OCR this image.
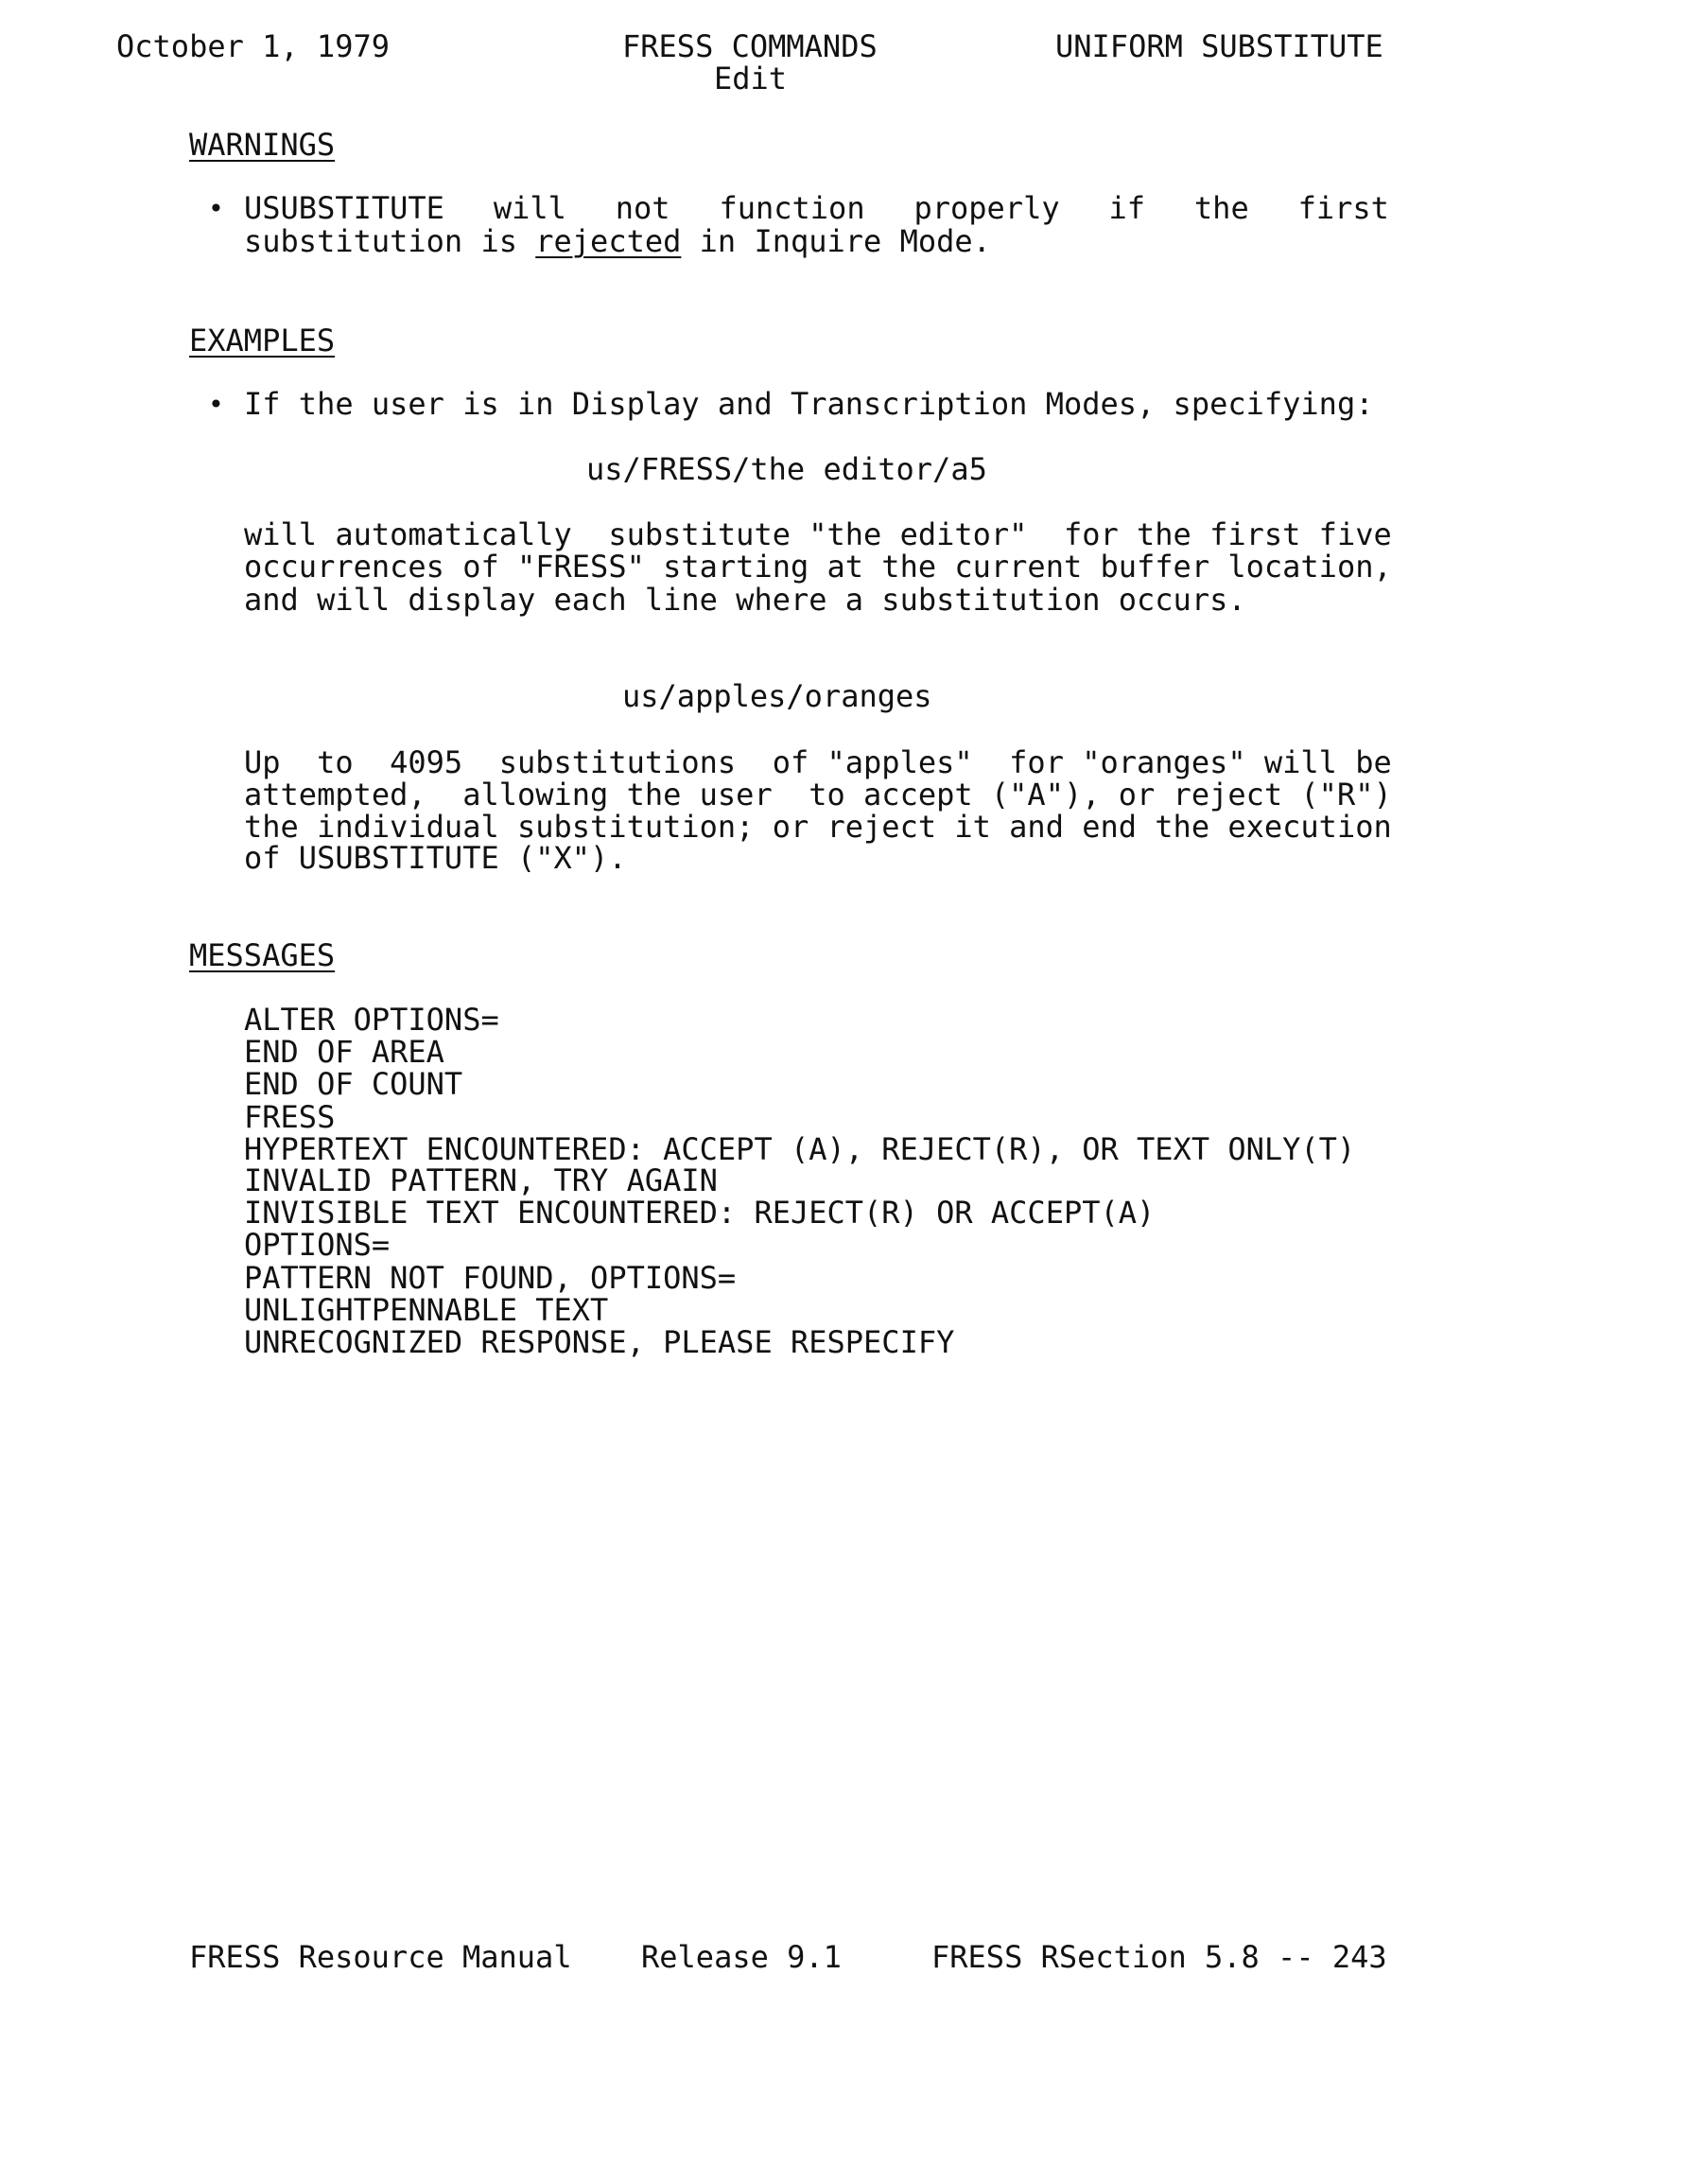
October 1, 1979	FRESS COMMANDS
Edit
UNIFORM SUBSTITUTE
WARNINGS
• USUBSTITUTE will not function properly if the first
substitution is rejected in Inquire Mode.
EXAMPLES
• If the user is in Display and Transcription Modes, specifying:
us/FRESS/the editor/a5
will automatically  substitute "the editor"  for the first five
occurrences of "FRESS" starting at the current buffer location,
and will display each line where a substitution occurs.
us/apples/oranges
Up  to  4095  substitutions  of "apples"  for "oranges" will be
attempted,  allowing the user  to accept ("A"), or reject ("R")
the individual substitution; or reject it and end the execution
of USUBSTITUTE ("X").
MESSAGES
ALTER OPTIONS=
END OF AREA
END OF COUNT
FRESS
HYPERTEXT ENCOUNTERED: ACCEPT (A), REJECT(R), OR TEXT ONLY(T)
INVALID PATTERN, TRY AGAIN
INVISIBLE TEXT ENCOUNTERED: REJECT(R) OR ACCEPT(A)
OPTIONS=
PATTERN NOT FOUND, OPTIONS=
UNLIGHTPENNABLE TEXT
UNRECOGNIZED RESPONSE, PLEASE RESPECIFY
FRESS Resource Manual Release 9.1	FRESS RSection 5.8 -- 243
